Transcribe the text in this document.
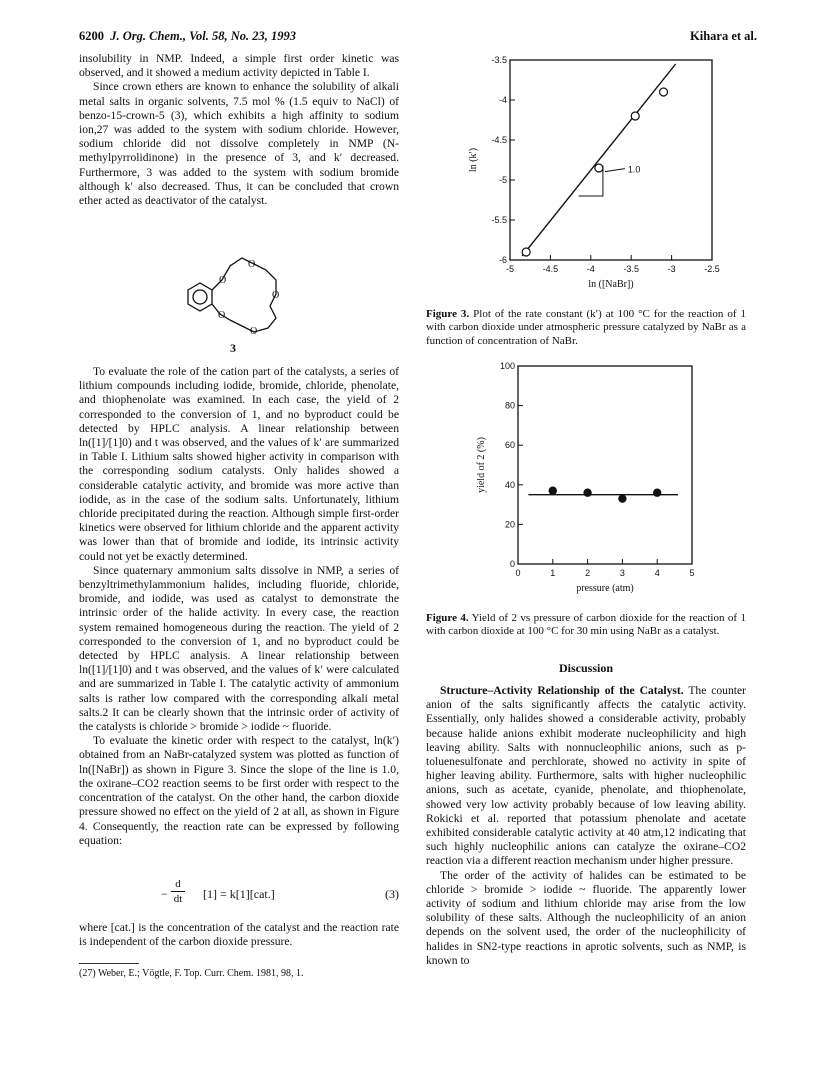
6200 J. Org. Chem., Vol. 58, No. 23, 1993	Kihara et al.

insolubility in NMP. Indeed, a simple first order kinetic was observed, and it showed a medium activity depicted in Table I.

Since crown ethers are known to enhance the solubility of alkali metal salts in organic solvents, 7.5 mol % (1.5 equiv to NaCl) of benzo-15-crown-5 (3), which exhibits a high affinity to sodium ion,27 was added to the system with sodium chloride. However, sodium chloride did not dissolve completely in NMP (N-methylpyrrolidinone) in the presence of 3, and k′ decreased. Furthermore, 3 was added to the system with sodium bromide although k′ also decreased. Thus, it can be concluded that crown ether acted as deactivator of the catalyst.

O
O
O
O
O
3

To evaluate the role of the cation part of the catalysts, a series of lithium compounds including iodide, bromide, chloride, phenolate, and thiophenolate was examined. In each case, the yield of 2 corresponded to the conversion of 1, and no byproduct could be detected by HPLC analysis. A linear relationship between ln([1]/[1]0) and t was observed, and the values of k′ are summarized in Table I. Lithium salts showed higher activity in comparison with the corresponding sodium catalysts. Only halides showed a considerable catalytic activity, and bromide was more active than iodide, as in the case of the sodium salts. Unfortunately, lithium chloride precipitated during the reaction. Although simple first-order kinetics were observed for lithium chloride and the apparent activity was lower than that of bromide and iodide, its intrinsic activity could not yet be exactly determined.

Since quaternary ammonium salts dissolve in NMP, a series of benzyltrimethylammonium halides, including fluoride, chloride, bromide, and iodide, was used as catalyst to demonstrate the intrinsic order of the halide activity. In every case, the reaction system remained homogeneous during the reaction. The yield of 2 corresponded to the conversion of 1, and no byproduct could be detected by HPLC analysis. A linear relationship between ln([1]/[1]0) and t was observed, and the values of k′ were calculated and are summarized in Table I. The catalytic activity of ammonium salts is rather low compared with the corresponding alkali metal salts.2 It can be clearly shown that the intrinsic order of activity of the catalysts is chloride > bromide > iodide ~ fluoride.

To evaluate the kinetic order with respect to the catalyst, ln(k′) obtained from an NaBr-catalyzed system was plotted as function of ln([NaBr]) as shown in Figure 3. Since the slope of the line is 1.0, the oxirane–CO2 reaction seems to be first order with respect to the concentration of the catalyst. On the other hand, the carbon dioxide pressure showed no effect on the yield of 2 at all, as shown in Figure 4. Consequently, the reaction rate can be expressed by following equation:

d
dt
−	[1] = k[1][cat.]	(3)

where [cat.] is the concentration of the catalyst and the reaction rate is independent of the carbon dioxide pressure.

(27) Weber, E.; Vögtle, F. Top. Curr. Chem. 1981, 98, 1.
-5	-4.5	-4	-3.5	-3	-2.5
-3.5
-4
-4.5
-5
-5.5
-6
ln ([NaBr])
ln (k′)	1.0
Figure 3. Plot of the rate constant (k′) at 100 °C for the reaction of 1 with carbon dioxide under atmospheric pressure catalyzed by NaBr as a function of concentration of NaBr.
0	1	2	3	4	5
0
20
40
60
80
100
pressure (atm)
yield of 2 (%)
Figure 4. Yield of 2 vs pressure of carbon dioxide for the reaction of 1 with carbon dioxide at 100 °C for 30 min using NaBr as a catalyst.
Discussion

Structure–Activity Relationship of the Catalyst. The counter anion of the salts significantly affects the catalytic activity. Essentially, only halides showed a considerable activity, probably because halide anions exhibit moderate nucleophilicity and high leaving ability. Salts with nonnucleophilic anions, such as p-toluenesulfonate and perchlorate, showed no activity in spite of higher leaving ability. Furthermore, salts with higher nucleophilic anions, such as acetate, cyanide, phenolate, and thiophenolate, showed very low activity probably because of low leaving ability. Rokicki et al. reported that potassium phenolate and acetate exhibited considerable catalytic activity at 40 atm,12 indicating that such highly nucleophilic anions can catalyze the oxirane–CO2 reaction via a different reaction mechanism under higher pressure.

The order of the activity of halides can be estimated to be chloride > bromide > iodide ~ fluoride. The apparently lower activity of sodium and lithium chloride may arise from the low solubility of these salts. Although the nucleophilicity of an anion depends on the solvent used, the order of the nucleophilicity of halides in SN2-type reactions in aprotic solvents, such as NMP, is known to
